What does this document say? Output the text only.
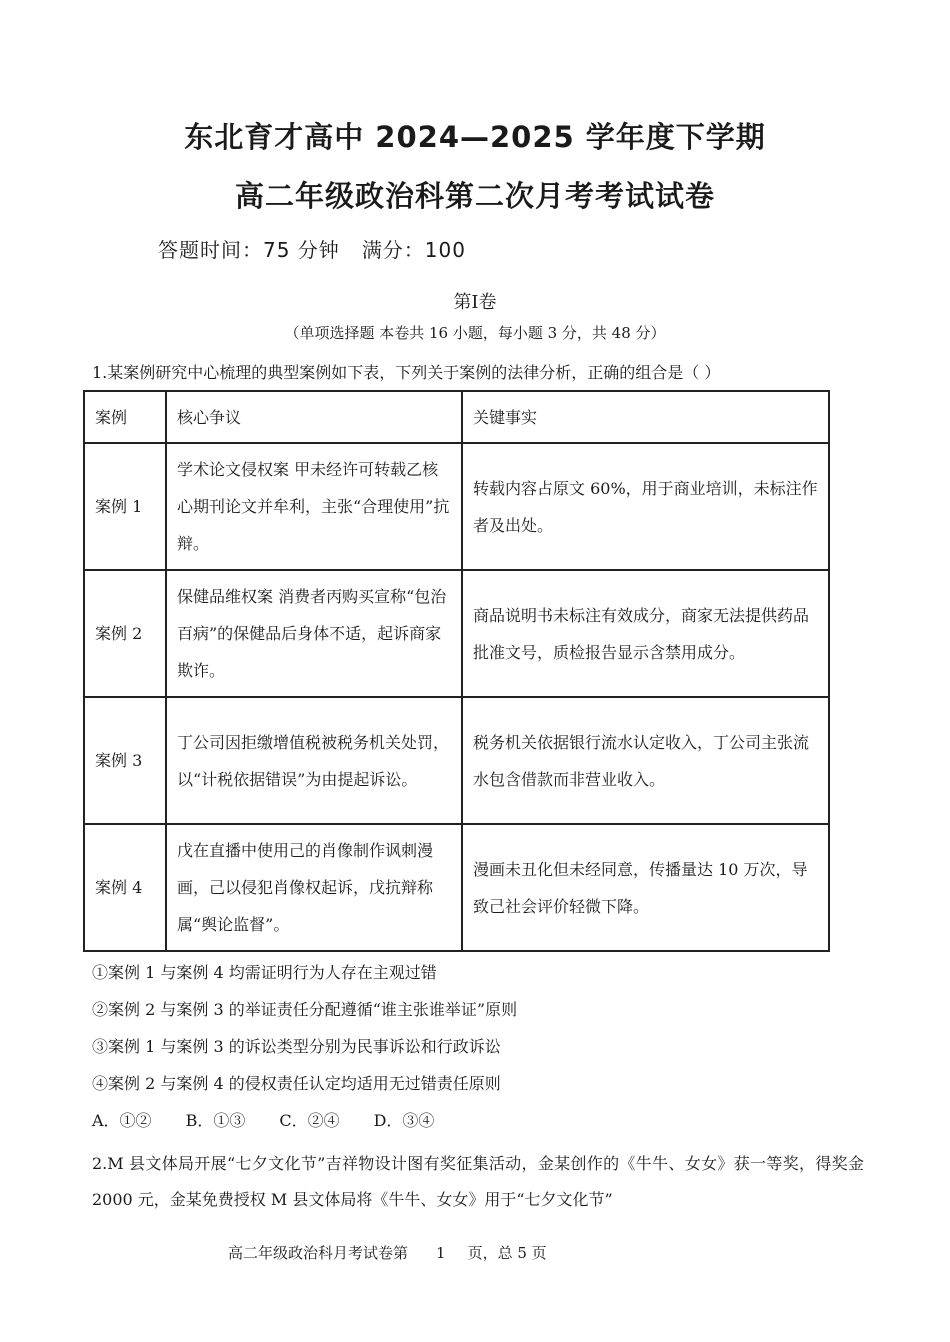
东北育才高中 2024—2025 学年度下学期
高二年级政治科第二次月考考试试卷
答题时间：75 分钟 满分：100
第Ⅰ卷
（单项选择题 本卷共 16 小题，每小题 3 分，共 48 分）
1.某案例研究中心梳理的典型案例如下表，下列关于案例的法律分析，正确的组合是（ ）
案例	核心争议	关键事实
案例 1	学术论文侵权案 甲未经许可转载乙核心期刊论文并牟利，主张“合理使用”抗辩。	转载内容占原文 60%，用于商业培训，未标注作者及出处。
案例 2	保健品维权案 消费者丙购买宣称“包治百病”的保健品后身体不适，起诉商家欺诈。	商品说明书未标注有效成分，商家无法提供药品批准文号，质检报告显示含禁用成分。
案例 3	丁公司因拒缴增值税被税务机关处罚，以“计税依据错误”为由提起诉讼。	税务机关依据银行流水认定收入，丁公司主张流水包含借款而非营业收入。
案例 4	戊在直播中使用己的肖像制作讽刺漫画，己以侵犯肖像权起诉，戊抗辩称属“舆论监督”。	漫画未丑化但未经同意，传播量达 10 万次，导致己社会评价轻微下降。
①案例 1 与案例 4 均需证明行为人存在主观过错
②案例 2 与案例 3 的举证责任分配遵循“谁主张谁举证”原则
③案例 1 与案例 3 的诉讼类型分别为民事诉讼和行政诉讼
④案例 2 与案例 4 的侵权责任认定均适用无过错责任原则
A．①② B．①③ C．②④ D．③④
2.M 县文体局开展“七夕文化节”吉祥物设计图有奖征集活动，金某创作的《牛牛、女女》获一等奖，得奖金 2000 元，金某免费授权 M 县文体局将《牛牛、女女》用于“七夕文化节”
高二年级政治科月考试卷第 1 页，总 5 页
